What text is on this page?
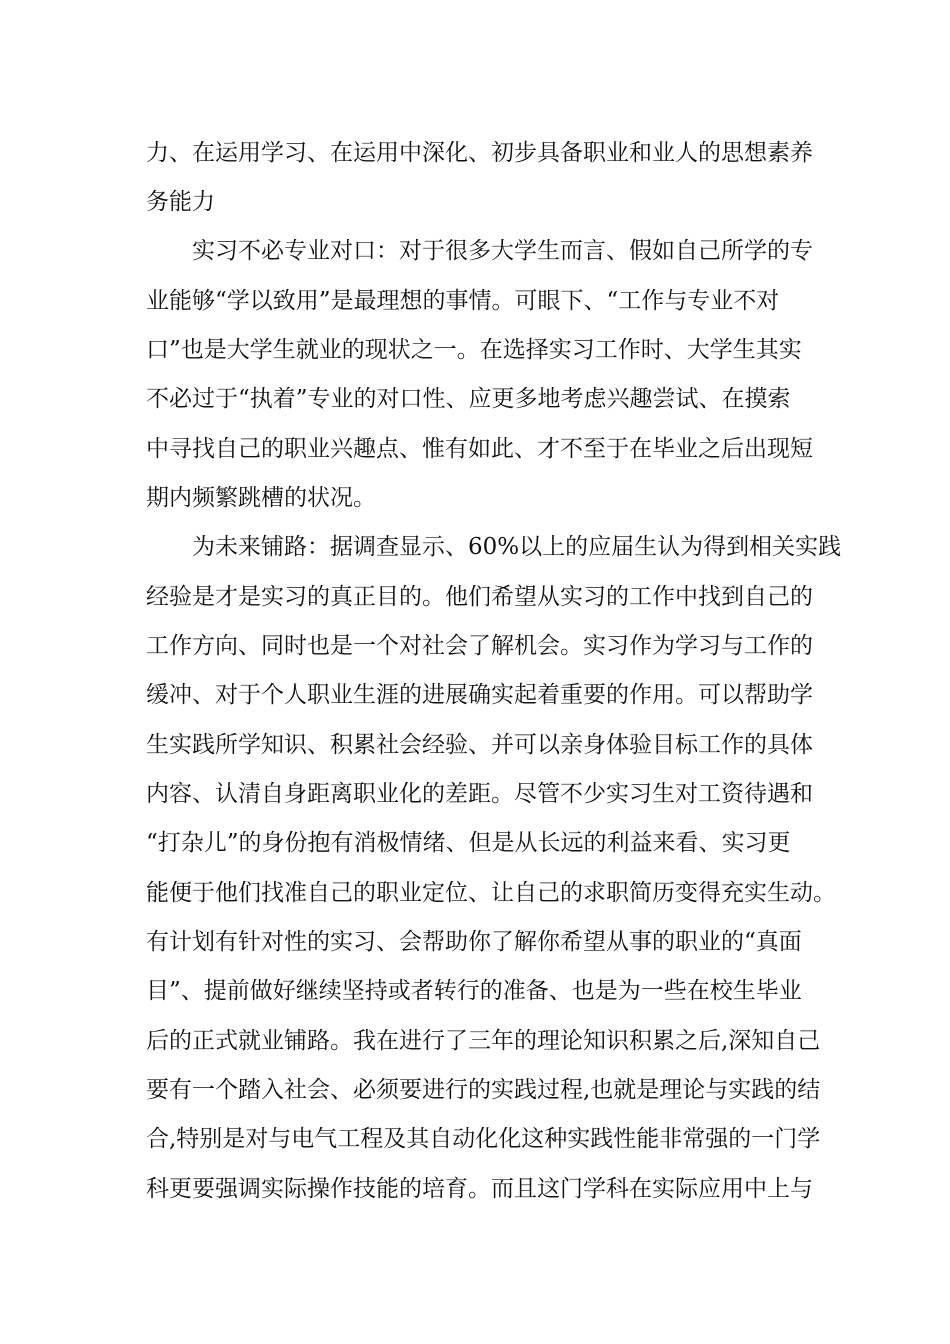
力、在运用学习、在运用中深化、初步具备职业和业人的思想素养
务能力
实习不必专业对口：对于很多大学生而言、假如自己所学的专
业能够“学以致用”是最理想的事情。可眼下、“工作与专业不对
口”也是大学生就业的现状之一。在选择实习工作时、大学生其实
不必过于“执着”专业的对口性、应更多地考虑兴趣尝试、在摸索
中寻找自己的职业兴趣点、惟有如此、才不至于在毕业之后出现短
期内频繁跳槽的状况。
为未来铺路：据调查显示、60%以上的应届生认为得到相关实践
经验是才是实习的真正目的。他们希望从实习的工作中找到自己的
工作方向、同时也是一个对社会了解机会。实习作为学习与工作的
缓冲、对于个人职业生涯的进展确实起着重要的作用。可以帮助学
生实践所学知识、积累社会经验、并可以亲身体验目标工作的具体
内容、认清自身距离职业化的差距。尽管不少实习生对工资待遇和
“打杂儿”的身份抱有消极情绪、但是从长远的利益来看、实习更
能便于他们找准自己的职业定位、让自己的求职简历变得充实生动。
有计划有针对性的实习、会帮助你了解你希望从事的职业的“真面
目”、提前做好继续坚持或者转行的准备、也是为一些在校生毕业
后的正式就业铺路。我在进行了三年的理论知识积累之后,深知自己
要有一个踏入社会、必须要进行的实践过程,也就是理论与实践的结
合,特别是对与电气工程及其自动化化这种实践性能非常强的一门学
科更要强调实际操作技能的培育。而且这门学科在实际应用中上与
